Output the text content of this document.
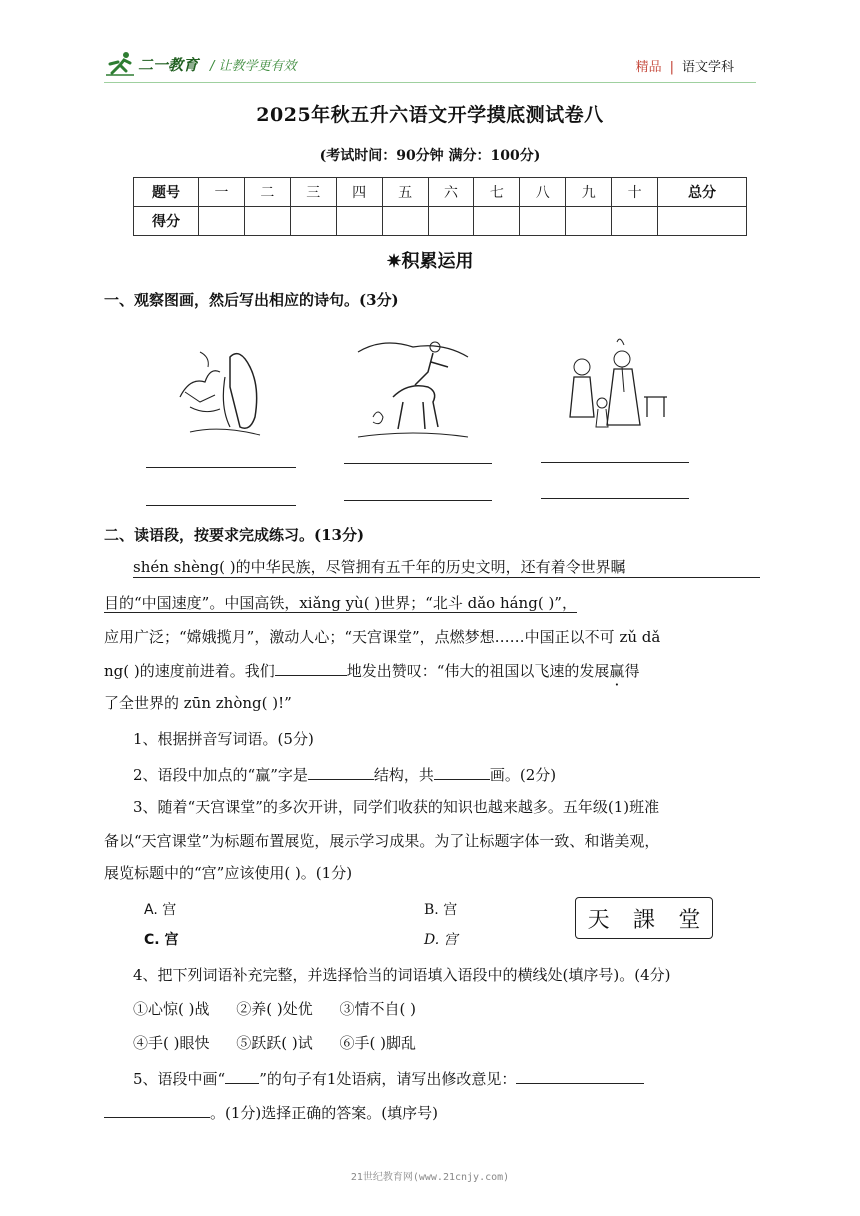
二一教育 / 让教学更有效	精品 | 语文学科
2025年秋五升六语文开学摸底测试卷八
(考试时间：90分钟 满分：100分)
题号	一	二	三	四	五	六	七	八	九	十	总分
得分											
✷积累运用
一、观察图画，然后写出相应的诗句。(3分)
二、读语段，按要求完成练习。(13分)
shén shèng( )的中华民族，尽管拥有五千年的历史文明，还有着令世界瞩
目的“中国速度”。中国高铁，xiǎng yù( )世界；“北斗 dǎo háng( )”，
应用广泛；“嫦娥揽月”，激动人心；“天宫课堂”，点燃梦想……中国正以不可 zǔ dǎ
ng( )的速度前进着。我们	地发出赞叹：“伟大的祖国以飞速的发展赢得
了全世界的 zūn zhòng( )!”
1、根据拼音写词语。(5分)
2、语段中加点的“赢”字是	结构，共	画。(2分)
3、随着“天宫课堂”的多次开讲，同学们收获的知识也越来越多。五年级(1)班准
备以“天宫课堂”为标题布置展览，展示学习成果。为了让标题字体一致、和谐美观，
展览标题中的“宫”应该使用( )。(1分)
A. 宫	B. 宫
C. 宫	D. 宫
天 課 堂
4、把下列词语补充完整，并选择恰当的词语填入语段中的横线处(填序号)。(4分)
①心惊( )战 ②养( )处优 ③情不自( )
④手( )眼快 ⑤跃跃( )试 ⑥手( )脚乱
5、语段中画“ ”的句子有1处语病，请写出修改意见：
。(1分)选择正确的答案。(填序号)
21世纪教育网(www.21cnjy.com)
